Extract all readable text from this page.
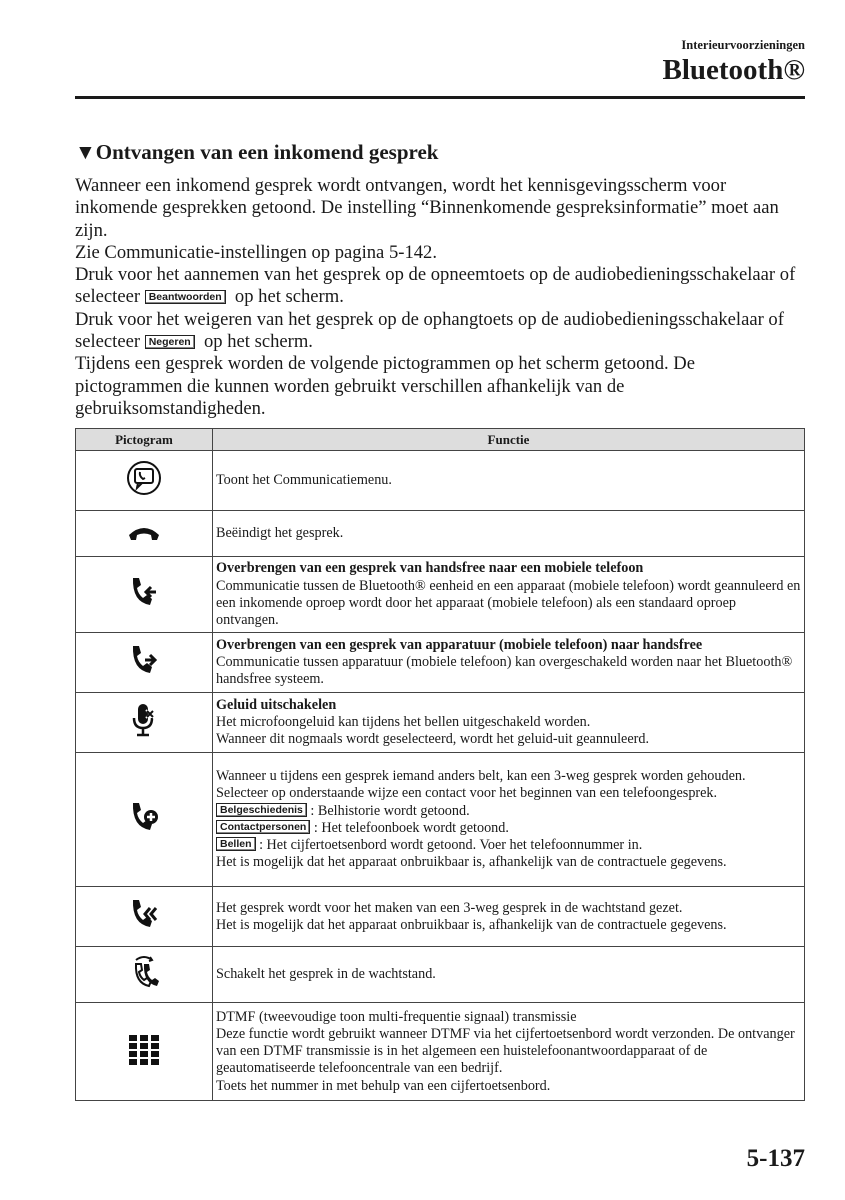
Interieurvoorzieningen
Bluetooth®
▼Ontvangen van een inkomend gesprek
Wanneer een inkomend gesprek wordt ontvangen, wordt het kennisgevingsscherm voor inkomende gesprekken getoond. De instelling “Binnenkomende gespreksinformatie” moet aan zijn.
Zie Communicatie-instellingen op pagina 5-142.
Druk voor het aannemen van het gesprek op de opneemtoets op de audiobedieningsschakelaar of selecteer Beantwoorden op het scherm.
Druk voor het weigeren van het gesprek op de ophangtoets op de audiobedieningsschakelaar of selecteer Negeren op het scherm.
Tijdens een gesprek worden de volgende pictogrammen op het scherm getoond. De pictogrammen die kunnen worden gebruikt verschillen afhankelijk van de gebruiksomstandigheden.
Pictogram	Functie
	Toont het Communicatiemenu.
	Beëindigt het gesprek.
	Overbrengen van een gesprek van handsfree naar een mobiele telefoon
Communicatie tussen de Bluetooth® eenheid en een apparaat (mobiele telefoon) wordt geannuleerd en een inkomende oproep wordt door het apparaat (mobiele telefoon) als een standaard oproep ontvangen.

	Overbrengen van een gesprek van apparatuur (mobiele telefoon) naar handsfree
Communicatie tussen apparatuur (mobiele telefoon) kan overgeschakeld worden naar het Bluetooth® handsfree systeem.

	Geluid uitschakelen
Het microfoongeluid kan tijdens het bellen uitgeschakeld worden.
Wanneer dit nogmaals wordt geselecteerd, wordt het geluid-uit geannuleerd.

Wanneer u tijdens een gesprek iemand anders belt, kan een 3-weg gesprek worden gehouden. Selecteer op onderstaande wijze een contact voor het beginnen van een telefoongesprek.
Belgeschiedenis : Belhistorie wordt getoond.
Contactpersonen : Het telefoonboek wordt getoond.
Bellen : Het cijfertoetsenbord wordt getoond. Voer het telefoonnummer in.
Het is mogelijk dat het apparaat onbruikbaar is, afhankelijk van de contractuele gegevens.

Het gesprek wordt voor het maken van een 3-weg gesprek in de wachtstand gezet.
Het is mogelijk dat het apparaat onbruikbaar is, afhankelijk van de contractuele gegevens.

	Schakelt het gesprek in de wachtstand.

DTMF (tweevoudige toon multi-frequentie signaal) transmissie
Deze functie wordt gebruikt wanneer DTMF via het cijfertoetsenbord wordt verzonden. De ontvanger van een DTMF transmissie is in het algemeen een huistelefoonantwoordapparaat of de geautomatiseerde telefooncentrale van een bedrijf.
Toets het nummer in met behulp van een cijfertoetsenbord.
5-137
